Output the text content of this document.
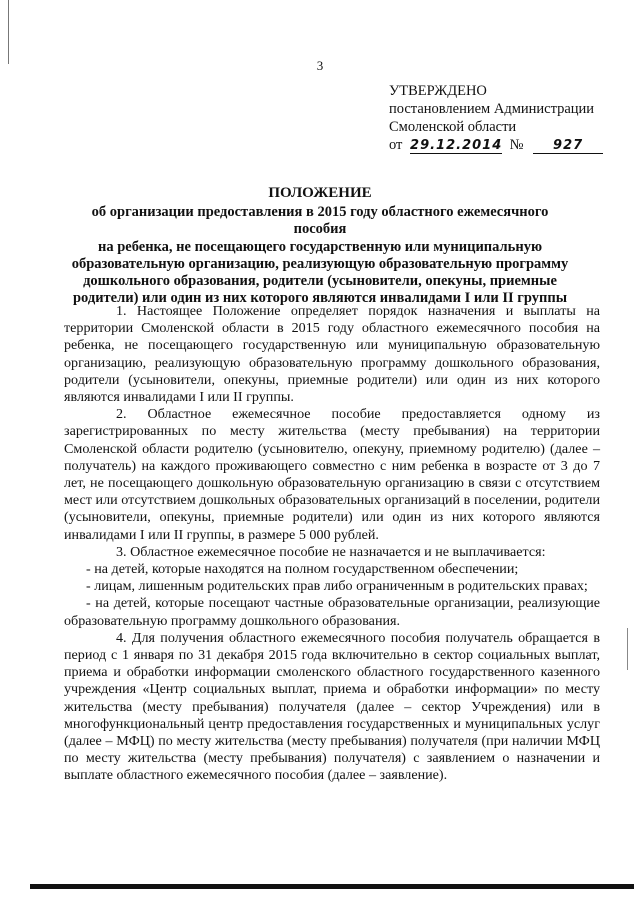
3
УТВЕРЖДЕНО
постановлением Администрации
Смоленской области
от 29.12.2014 № 927
ПОЛОЖЕНИЕ
об организации предоставления в 2015 году областного ежемесячного пособия
на ребенка, не посещающего государственную или муниципальную
образовательную организацию, реализующую образовательную программу
дошкольного образования, родители (усыновители, опекуны, приемные
родители) или один из них которого являются инвалидами I или II группы

1. Настоящее Положение определяет порядок назначения и выплаты на территории Смоленской области в 2015 году областного ежемесячного пособия на ребенка, не посещающего государственную или муниципальную образовательную организацию, реализующую образовательную программу дошкольного образования, родители (усыновители, опекуны, приемные родители) или один из них которого являются инвалидами I или II группы.

2. Областное ежемесячное пособие предоставляется одному из зарегистрированных по месту жительства (месту пребывания) на территории Смоленской области родителю (усыновителю, опекуну, приемному родителю) (далее – получатель) на каждого проживающего совместно с ним ребенка в возрасте от 3 до 7 лет, не посещающего дошкольную образовательную организацию в связи с отсутствием мест или отсутствием дошкольных образовательных организаций в поселении, родители (усыновители, опекуны, приемные родители) или один из них которого являются инвалидами I или II группы, в размере 5 000 рублей.

3. Областное ежемесячное пособие не назначается и не выплачивается:

- на детей, которые находятся на полном государственном обеспечении;

- лицам, лишенным родительских прав либо ограниченным в родительских правах;

- на детей, которые посещают частные образовательные организации, реализующие образовательную программу дошкольного образования.

4. Для получения областного ежемесячного пособия получатель обращается в период с 1 января по 31 декабря 2015 года включительно в сектор социальных выплат, приема и обработки информации смоленского областного государственного казенного учреждения «Центр социальных выплат, приема и обработки информации» по месту жительства (месту пребывания) получателя (далее – сектор Учреждения) или в многофункциональный центр предоставления государственных и муниципальных услуг (далее – МФЦ) по месту жительства (месту пребывания) получателя (при наличии МФЦ по месту жительства (месту пребывания) получателя) с заявлением о назначении и выплате областного ежемесячного пособия (далее – заявление).
